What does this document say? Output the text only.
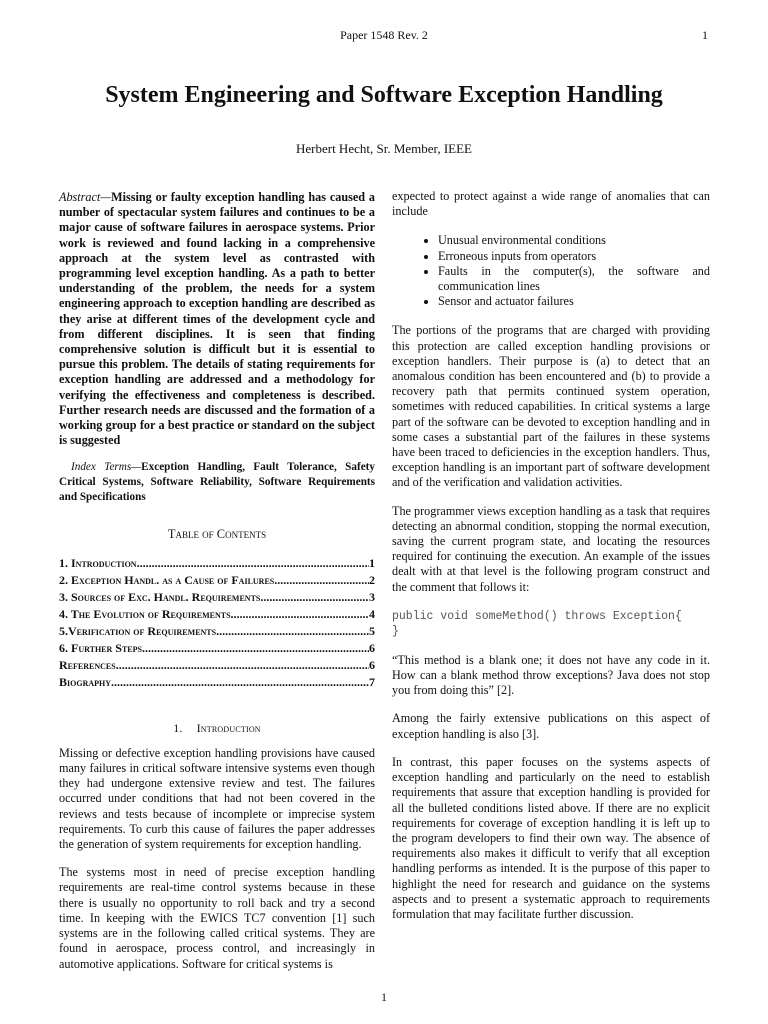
Paper 1548 Rev. 2	1
System Engineering and Software Exception Handling
Herbert Hecht, Sr. Member, IEEE

Abstract—Missing or faulty exception handling has caused a number of spectacular system failures and continues to be a major cause of software failures in aerospace systems. Prior work is reviewed and found lacking in a comprehensive approach at the system level as contrasted with programming level exception handling. As a path to better understanding of the problem, the needs for a system engineering approach to exception handling are described as they arise at different times of the development cycle and from different disciplines. It is seen that finding comprehensive solution is difficult but it is essential to pursue this problem. The details of stating requirements for exception handling are addressed and a methodology for verifying the effectiveness and completeness is described. Further research needs are discussed and the formation of a working group for a best practice or standard on the subject is suggested

Index Terms—Exception Handling, Fault Tolerance, Safety Critical Systems, Software Reliability, Software Requirements and Specifications

Table of Contents
1. Introduction .....	1
2. Exception Handl. as a Cause of Failures .....	2
3. Sources of Exc. Handl. Requirements .....	3
4. The Evolution of Requirements .....	4
5.Verification of Requirements .....	5
6. Further Steps .....	6
References .....	6
Biography .....	7
1. Introduction

Missing or defective exception handling provisions have caused many failures in critical software intensive systems even though they had undergone extensive review and test. The failures occurred under conditions that had not been covered in the reviews and tests because of incomplete or imprecise system requirements. To curb this cause of failures the paper addresses the generation of system requirements for exception handling.

The systems most in need of precise exception handling requirements are real-time control systems because in these there is usually no opportunity to roll back and try a second time. In keeping with the EWICS TC7 convention [1] such systems are in the following called critical systems. They are found in aerospace, process control, and increasingly in automotive applications. Software for critical systems is

expected to protect against a wide range of anomalies that can include

• Unusual environmental conditions
• Erroneous inputs from operators
• Faults in the computer(s), the software and communication lines
• Sensor and actuator failures

The portions of the programs that are charged with providing this protection are called exception handling provisions or exception handlers. Their purpose is (a) to detect that an anomalous condition has been encountered and (b) to provide a recovery path that permits continued system operation, sometimes with reduced capabilities. In critical systems a large part of the software can be devoted to exception handling and in some cases a substantial part of the failures in these systems have been traced to deficiencies in the exception handlers. Thus, exception handling is an important part of software development and of the verification and validation activities.

The programmer views exception handling as a task that requires detecting an abnormal condition, stopping the normal execution, saving the current program state, and locating the resources required for continuing the execution. An example of the issues dealt with at that level is the following program construct and the comment that follows it:

public void someMethod() throws Exception{
}

“This method is a blank one; it does not have any code in it. How can a blank method throw exceptions? Java does not stop you from doing this” [2].

Among the fairly extensive publications on this aspect of exception handling is also [3].

In contrast, this paper focuses on the systems aspects of exception handling and particularly on the need to establish requirements that assure that exception handling is provided for all the bulleted conditions listed above. If there are no explicit requirements for coverage of exception handling it is left up to the program developers to find their own way. The absence of requirements also makes it difficult to verify that all exception handling performs as intended. It is the purpose of this paper to highlight the need for research and guidance on the systems aspects and to present a systematic approach to requirements formulation that may facilitate further discussion.

1
